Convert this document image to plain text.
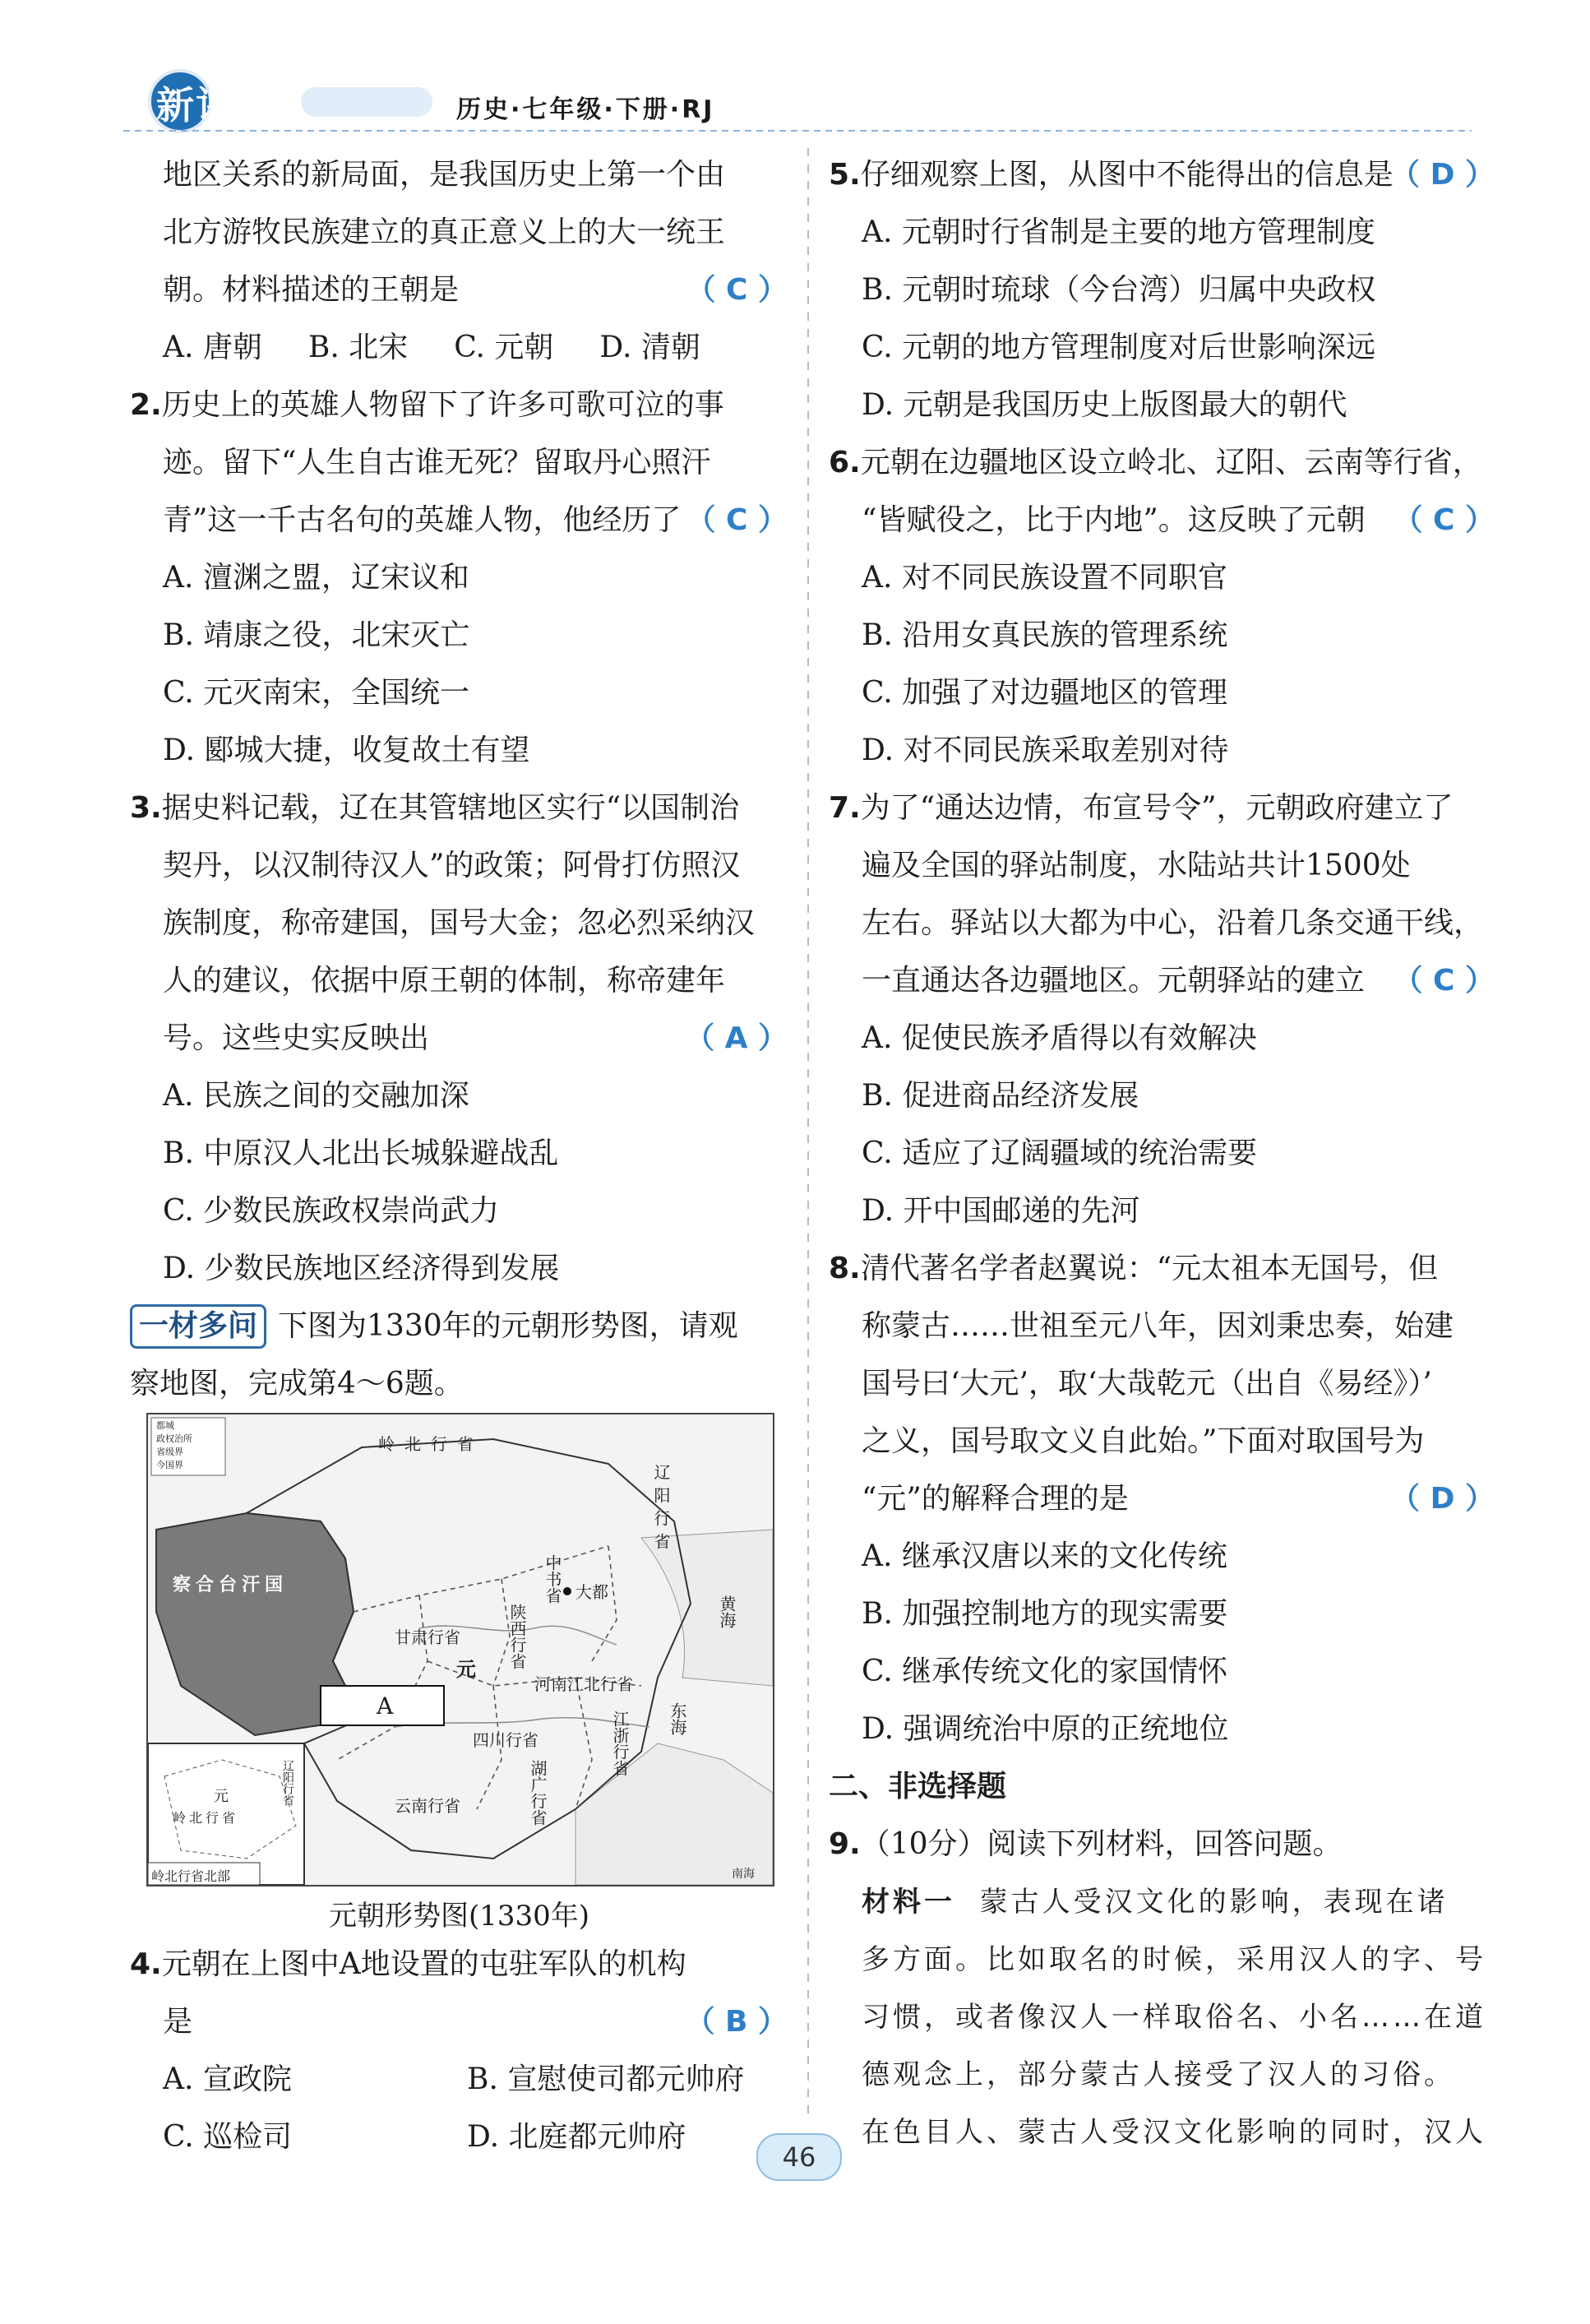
新课堂	历史·七年级·下册·RJ
地区关系的新局面，是我国历史上第一个由
北方游牧民族建立的真正意义上的大一统王
朝。材料描述的王朝是	（ C ）
A. 唐朝 B. 北宋 C. 元朝 D. 清朝
2.历史上的英雄人物留下了许多可歌可泣的事
迹。留下“人生自古谁无死？留取丹心照汗
青”这一千古名句的英雄人物，他经历了 （ C ）
A. 澶渊之盟，辽宋议和
B. 靖康之役，北宋灭亡
C. 元灭南宋，全国统一
D. 郾城大捷，收复故土有望
3.据史料记载，辽在其管辖地区实行“以国制治
契丹，以汉制待汉人”的政策；阿骨打仿照汉
族制度，称帝建国，国号大金；忽必烈采纳汉
人的建议，依据中原王朝的体制，称帝建年
号。这些史实反映出	（ A ）
A. 民族之间的交融加深
B. 中原汉人北出长城躲避战乱
C. 少数民族政权崇尚武力
D. 少数民族地区经济得到发展
一材多问 下图为1330年的元朝形势图，请观
察地图，完成第4～6题。
岭北行省
辽阳行省
察合台汗国
甘肃行省
元 陕西行省
中书省 大都
河南江北行省
四川行省
云南行省	湖广行省
江浙行省 东海
黄海
南海
A
都城
政权治所
省级界
今国界
元
岭北行省
辽阳行省
岭北行省北部
元朝形势图(1330年)
4.元朝在上图中A地设置的屯驻军队的机构
是	（ B ）
A. 宣政院	B. 宣慰使司都元帅府
C. 巡检司	D. 北庭都元帅府
5.仔细观察上图，从图中不能得出的信息是
（ D ）
A. 元朝时行省制是主要的地方管理制度
B. 元朝时琉球（今台湾）归属中央政权
C. 元朝的地方管理制度对后世影响深远
D. 元朝是我国历史上版图最大的朝代
6.元朝在边疆地区设立岭北、辽阳、云南等行省，
“皆赋役之，比于内地”。这反映了元朝 （ C ）
A. 对不同民族设置不同职官
B. 沿用女真民族的管理系统
C. 加强了对边疆地区的管理
D. 对不同民族采取差别对待
7.为了“通达边情，布宣号令”，元朝政府建立了
遍及全国的驿站制度，水陆站共计1500处
左右。驿站以大都为中心，沿着几条交通干线，
一直通达各边疆地区。元朝驿站的建立 （ C ）
A. 促使民族矛盾得以有效解决
B. 促进商品经济发展
C. 适应了辽阔疆域的统治需要
D. 开中国邮递的先河
8.清代著名学者赵翼说：“元太祖本无国号，但
称蒙古……世祖至元八年，因刘秉忠奏，始建
国号曰‘大元’，取‘大哉乾元（出自《易经》）’
之义，国号取文义自此始。”下面对取国号为
“元”的解释合理的是	（ D ）
A. 继承汉唐以来的文化传统
B. 加强控制地方的现实需要
C. 继承传统文化的家国情怀
D. 强调统治中原的正统地位
二、非选择题
9.（10分）阅读下列材料，回答问题。
材料一 蒙古人受汉文化的影响，表现在诸
多方面。比如取名的时候，采用汉人的字、号
习惯，或者像汉人一样取俗名、小名……在道
德观念上，部分蒙古人接受了汉人的习俗。
在色目人、蒙古人受汉文化影响的同时，汉人
46
